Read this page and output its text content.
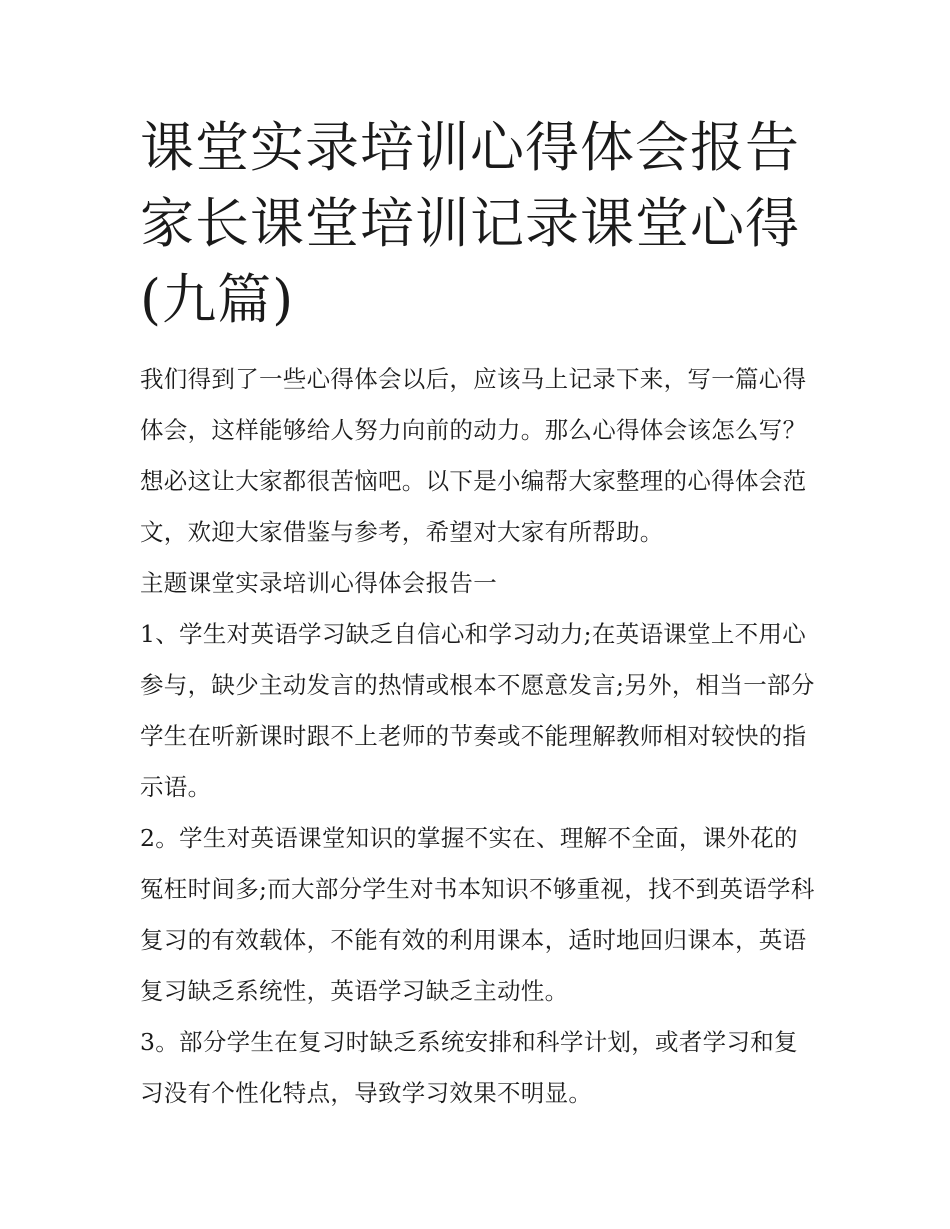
课堂实录培训心得体会报告 家长课堂培训记录课堂心得(九篇)

我们得到了一些心得体会以后，应该马上记录下来，写一篇心得体会，这样能够给人努力向前的动力。那么心得体会该怎么写？想必这让大家都很苦恼吧。以下是小编帮大家整理的心得体会范文，欢迎大家借鉴与参考，希望对大家有所帮助。

主题课堂实录培训心得体会报告一

1、学生对英语学习缺乏自信心和学习动力;在英语课堂上不用心参与，缺少主动发言的热情或根本不愿意发言;另外，相当一部分学生在听新课时跟不上老师的节奏或不能理解教师相对较快的指示语。

2。学生对英语课堂知识的掌握不实在、理解不全面，课外花的冤枉时间多;而大部分学生对书本知识不够重视，找不到英语学科复习的有效载体，不能有效的利用课本，适时地回归课本，英语复习缺乏系统性，英语学习缺乏主动性。

3。部分学生在复习时缺乏系统安排和科学计划，或者学习和复习没有个性化特点，导致学习效果不明显。
